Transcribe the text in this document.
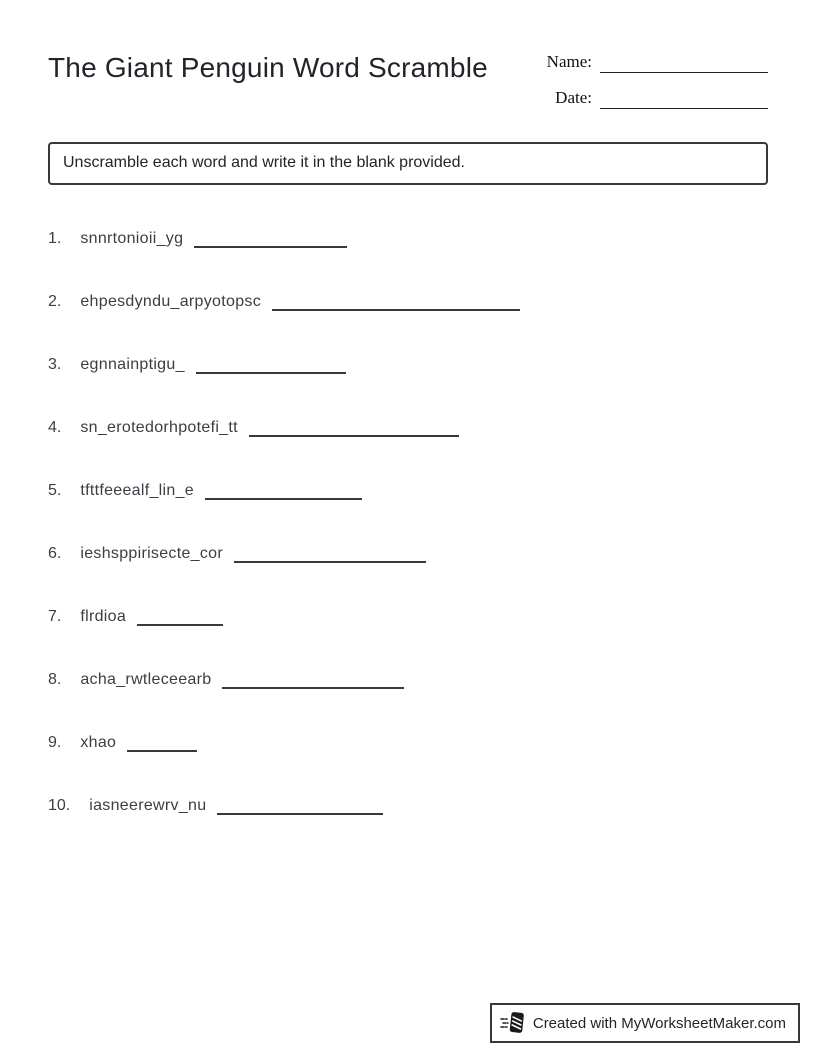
The Giant Penguin Word Scramble	Name:
Date:
Unscramble each word and write it in the blank provided.
1. snnrtonioii_yg
2. ehpesdyndu_arpyotopsc
3. egnnainptigu_
4. sn_erotedorhpotefi_tt
5. tfttfeeealf_lin_e
6. ieshsppirisecte_cor
7. flrdioa
8. acha_rwtleceearb
9. xhao
10. iasneerewrv_nu
Created with MyWorksheetMaker.com
